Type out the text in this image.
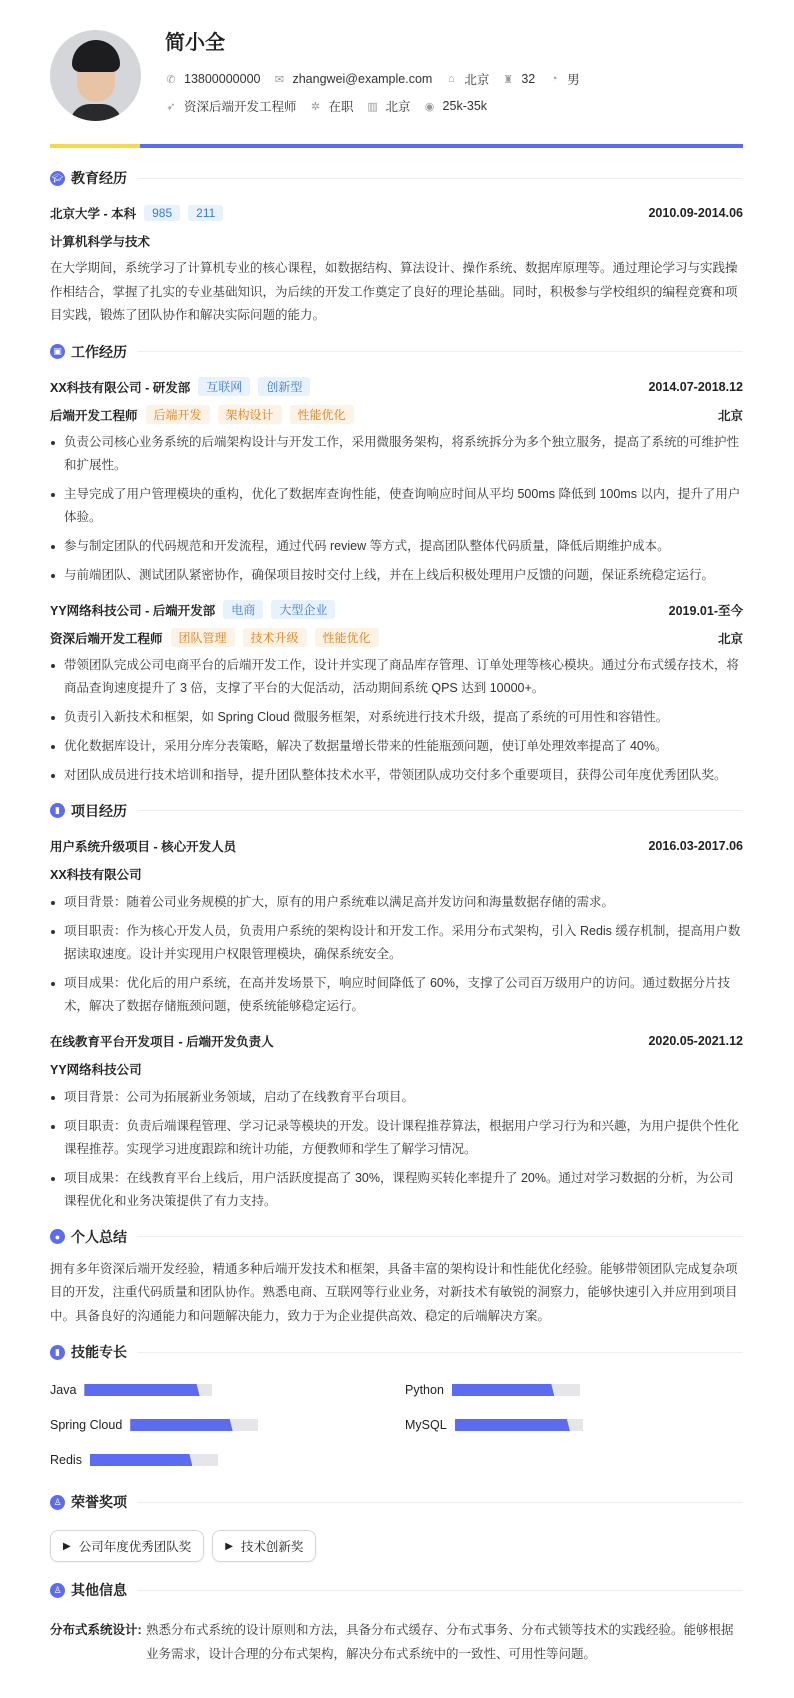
简小全
✆ 13800000000 ✉ zhangwei@example.com ⌂ 北京 ♜ 32 ◔ 男
➶ 资深后端开发工程师 ✲ 在职 ▥ 北京 ◉ 25k-35k
🎓︎ 教育经历
北京大学 - 本科	985	211	2010.09-2014.06
计算机科学与技术
在大学期间，系统学习了计算机专业的核心课程，如数据结构、算法设计、操作系统、数据库原理等。通过理论学习与实践操作相结合，掌握了扎实的专业基础知识，为后续的开发工作奠定了良好的理论基础。同时，积极参与学校组织的编程竞赛和项目实践，锻炼了团队协作和解决实际问题的能力。
▣ 工作经历
XX科技有限公司 - 研发部	互联网	创新型	2014.07-2018.12
后端开发工程师	后端开发	架构设计	性能优化	北京
负责公司核心业务系统的后端架构设计与开发工作，采用微服务架构，将系统拆分为多个独立服务，提高了系统的可维护性和扩展性。
主导完成了用户管理模块的重构，优化了数据库查询性能，使查询响应时间从平均 500ms 降低到 100ms 以内，提升了用户体验。
参与制定团队的代码规范和开发流程，通过代码 review 等方式，提高团队整体代码质量，降低后期维护成本。
与前端团队、测试团队紧密协作，确保项目按时交付上线，并在上线后积极处理用户反馈的问题，保证系统稳定运行。
YY网络科技公司 - 后端开发部	电商	大型企业	2019.01-至今
资深后端开发工程师	团队管理	技术升级	性能优化	北京
带领团队完成公司电商平台的后端开发工作，设计并实现了商品库存管理、订单处理等核心模块。通过分布式缓存技术，将商品查询速度提升了 3 倍，支撑了平台的大促活动，活动期间系统 QPS 达到 10000+。
负责引入新技术和框架，如 Spring Cloud 微服务框架，对系统进行技术升级，提高了系统的可用性和容错性。
优化数据库设计，采用分库分表策略，解决了数据量增长带来的性能瓶颈问题，使订单处理效率提高了 40%。
对团队成员进行技术培训和指导，提升团队整体技术水平，带领团队成功交付多个重要项目，获得公司年度优秀团队奖。
▮ 项目经历
用户系统升级项目 - 核心开发人员	2016.03-2017.06
XX科技有限公司
项目背景：随着公司业务规模的扩大，原有的用户系统难以满足高并发访问和海量数据存储的需求。
项目职责：作为核心开发人员，负责用户系统的架构设计和开发工作。采用分布式架构，引入 Redis 缓存机制，提高用户数据读取速度。设计并实现用户权限管理模块，确保系统安全。
项目成果：优化后的用户系统，在高并发场景下，响应时间降低了 60%，支撑了公司百万级用户的访问。通过数据分片技术，解决了数据存储瓶颈问题，使系统能够稳定运行。
在线教育平台开发项目 - 后端开发负责人	2020.05-2021.12
YY网络科技公司
项目背景：公司为拓展新业务领域，启动了在线教育平台项目。
项目职责：负责后端课程管理、学习记录等模块的开发。设计课程推荐算法，根据用户学习行为和兴趣，为用户提供个性化课程推荐。实现学习进度跟踪和统计功能，方便教师和学生了解学习情况。
项目成果：在线教育平台上线后，用户活跃度提高了 30%，课程购买转化率提升了 20%。通过对学习数据的分析，为公司课程优化和业务决策提供了有力支持。
● 个人总结
拥有多年资深后端开发经验，精通多种后端开发技术和框架，具备丰富的架构设计和性能优化经验。能够带领团队完成复杂项目的开发，注重代码质量和团队协作。熟悉电商、互联网等行业业务，对新技术有敏锐的洞察力，能够快速引入并应用到项目中。具备良好的沟通能力和问题解决能力，致力于为企业提供高效、稳定的后端解决方案。
▮ 技能专长
Java	Python
Spring Cloud	MySQL
Redis
♙ 荣誉奖项
▶ 公司年度优秀团队奖	▶ 技术创新奖
♙ 其他信息
分布式系统设计: 熟悉分布式系统的设计原则和方法，具备分布式缓存、分布式事务、分布式锁等技术的实践经验。能够根据业务需求，设计合理的分布式架构，解决分布式系统中的一致性、可用性等问题。
